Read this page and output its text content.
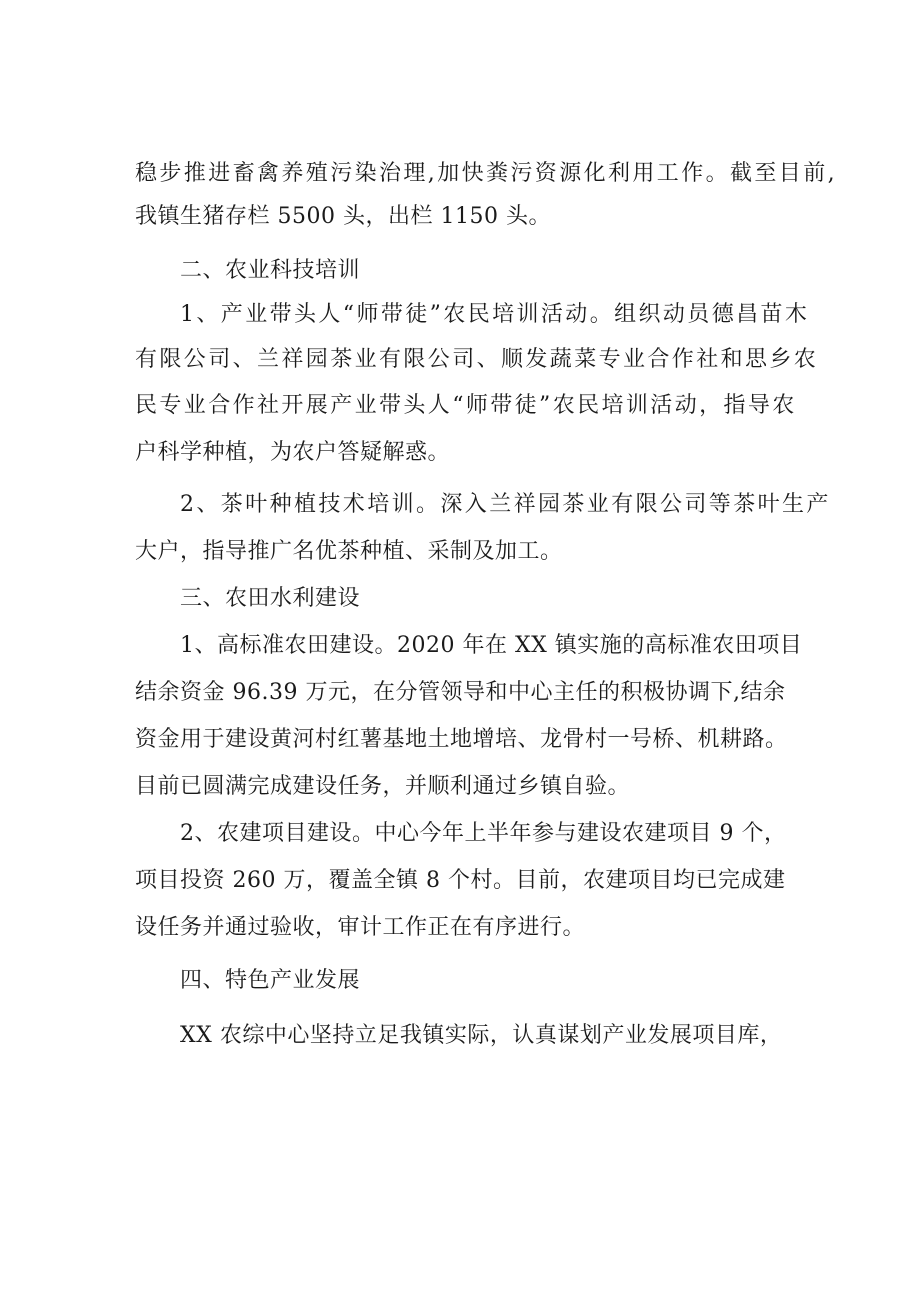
稳步推进畜禽养殖污染治理,加快粪污资源化利用工作。截至目前,
我镇生猪存栏 5500 头，出栏 1150 头。
二、农业科技培训
1、产业带头人“师带徒”农民培训活动。组织动员德昌苗木
有限公司、兰祥园茶业有限公司、顺发蔬菜专业合作社和思乡农
民专业合作社开展产业带头人“师带徒”农民培训活动，指导农
户科学种植，为农户答疑解惑。
2、茶叶种植技术培训。深入兰祥园茶业有限公司等茶叶生产
大户，指导推广名优茶种植、采制及加工。
三、农田水利建设
1、高标准农田建设。2020 年在 XX 镇实施的高标准农田项目
结余资金 96.39 万元，在分管领导和中心主任的积极协调下,结余
资金用于建设黄河村红薯基地土地增培、龙骨村一号桥、机耕路。
目前已圆满完成建设任务，并顺利通过乡镇自验。
2、农建项目建设。中心今年上半年参与建设农建项目 9 个，
项目投资 260 万，覆盖全镇 8 个村。目前，农建项目均已完成建
设任务并通过验收，审计工作正在有序进行。
四、特色产业发展
XX 农综中心坚持立足我镇实际，认真谋划产业发展项目库，
